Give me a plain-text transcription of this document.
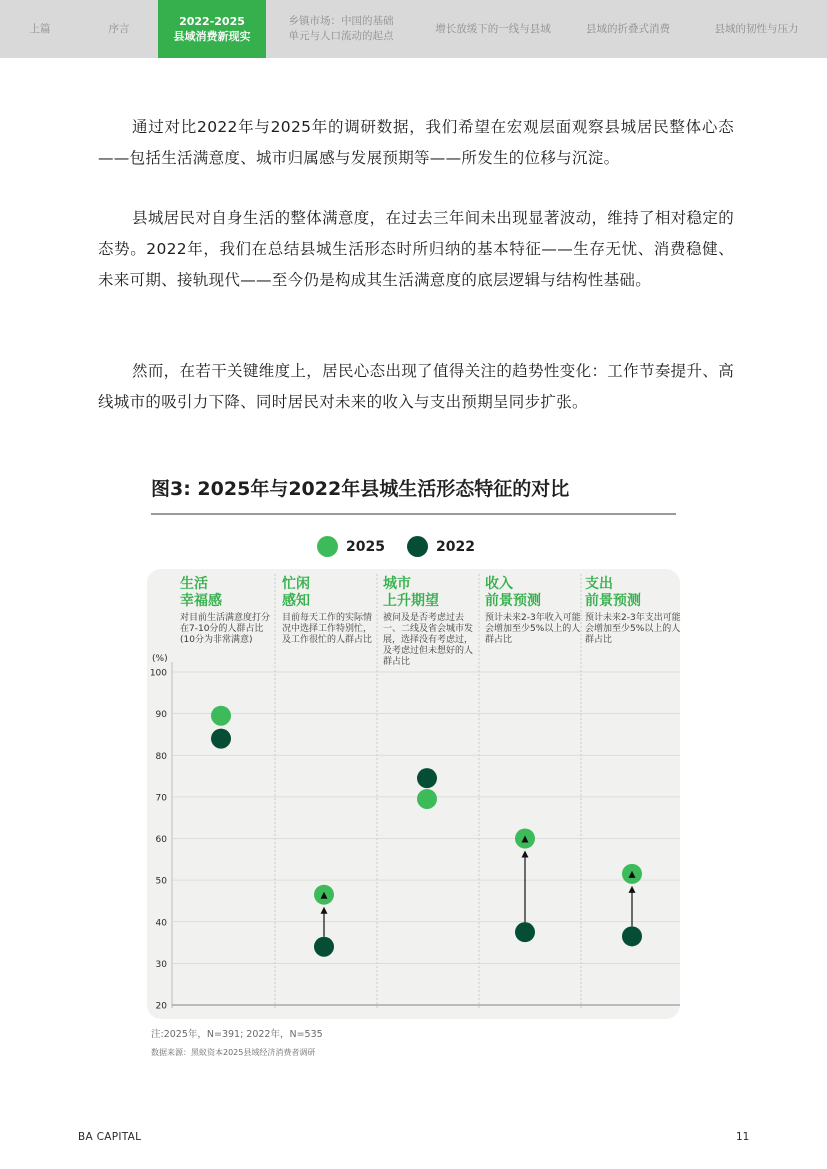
上篇	序言
2022-2025
县域消费新现实
乡镇市场：中国的基础
单元与人口流动的起点
增长放缓下的一线与县域	县域的折叠式消费	县域的韧性与压力

通过对比2022年与2025年的调研数据，我们希望在宏观层面观察县城居民整体心态——包括生活满意度、城市归属感与发展预期等——所发生的位移与沉淀。

县城居民对自身生活的整体满意度，在过去三年间未出现显著波动，维持了相对稳定的态势。2022年，我们在总结县城生活形态时所归纳的基本特征——生存无忧、消费稳健、未来可期、接轨现代——至今仍是构成其生活满意度的底层逻辑与结构性基础。

然而，在若干关键维度上，居民心态出现了值得关注的趋势性变化：工作节奏提升、高线城市的吸引力下降、同时居民对未来的收入与支出预期呈同步扩张。

图3: 2025年与2022年县城生活形态特征的对比
2025	2022
生活
幸福感
对目前生活满意度打分在7-10分的人群占比(10分为非常满意)
忙闲
感知
目前每天工作的实际情况中选择工作特别忙，及工作很忙的人群占比
城市
上升期望
被问及是否考虑过去一、二线及省会城市发展，选择没有考虑过，及考虑过但未想好的人群占比
收入
前景预测
预计未来2-3年收入可能会增加至少5%以上的人群占比
支出
前景预测
预计未来2-3年支出可能会增加至少5%以上的人群占比
20
30
40
50
60
70
80
90
100
(%)
注:2025年，N=391; 2022年，N=535
数据来源：黑蚁资本2025县域经济消费者调研
BA CAPITAL	11
